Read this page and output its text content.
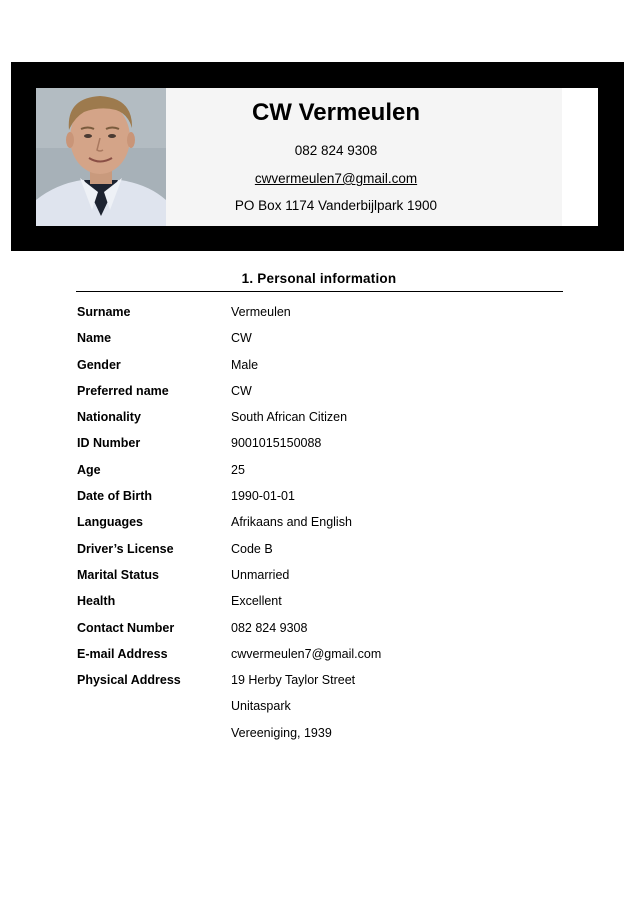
CW Vermeulen
082 824 9308
cwvermeulen7@gmail.com
PO Box 1174 Vanderbijlpark 1900
1. Personal information
Surname	Vermeulen
Name	CW
Gender	Male
Preferred name	CW
Nationality	South African Citizen
ID Number	9001015150088
Age	25
Date of Birth	1990-01-01
Languages	Afrikaans and English
Driver’s License	Code B
Marital Status	Unmarried
Health	Excellent
Contact Number	082 824 9308
E-mail Address	cwvermeulen7@gmail.com
Physical Address	19 Herby Taylor Street
Unitaspark
Vereeniging, 1939
